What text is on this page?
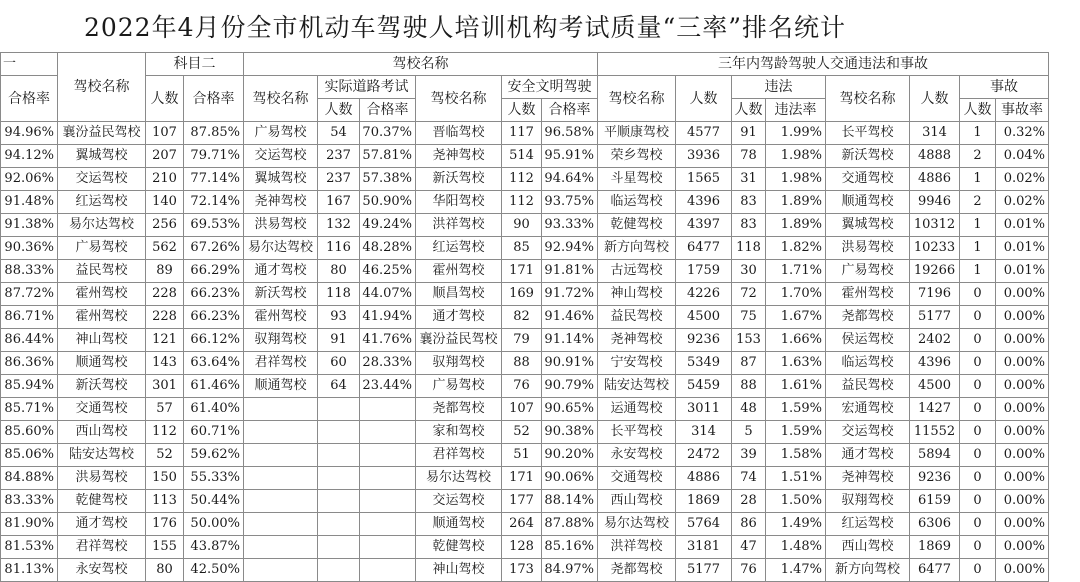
2022年4月份全市机动车驾驶人培训机构考试质量“三率”排名统计
一	驾校名称	科目二		驾校名称						三年内驾龄驾驶人交通违法和事故							
合格率		人数	合格率	驾校名称	实际道路考试		驾校名称	安全文明驾驶		驾校名称	人数	违法		驾校名称	人数	事故	
					人数	合格率		人数	合格率			人数	违法率			人数	事故率
94.96%	襄汾益民驾校	107	87.85%	广易驾校	54	70.37%	晋临驾校	117	96.58%	平顺康驾校	4577	91	1.99%	长平驾校	314	1	0.32%
94.12%	翼城驾校	207	79.71%	交运驾校	237	57.81%	尧神驾校	514	95.91%	荣乡驾校	3936	78	1.98%	新沃驾校	4888	2	0.04%
92.06%	交运驾校	210	77.14%	翼城驾校	237	57.38%	新沃驾校	112	94.64%	斗星驾校	1565	31	1.98%	交通驾校	4886	1	0.02%
91.48%	红运驾校	140	72.14%	尧神驾校	167	50.90%	华阳驾校	112	93.75%	临运驾校	4396	83	1.89%	顺通驾校	9946	2	0.02%
91.38%	易尔达驾校	256	69.53%	洪易驾校	132	49.24%	洪祥驾校	90	93.33%	乾健驾校	4397	83	1.89%	翼城驾校	10312	1	0.01%
90.36%	广易驾校	562	67.26%	易尔达驾校	116	48.28%	红运驾校	85	92.94%	新方向驾校	6477	118	1.82%	洪易驾校	10233	1	0.01%
88.33%	益民驾校	89	66.29%	通才驾校	80	46.25%	霍州驾校	171	91.81%	古远驾校	1759	30	1.71%	广易驾校	19266	1	0.01%
87.72%	霍州驾校	228	66.23%	新沃驾校	118	44.07%	顺昌驾校	169	91.72%	神山驾校	4226	72	1.70%	霍州驾校	7196	0	0.00%
86.71%	霍州驾校	228	66.23%	霍州驾校	93	41.94%	通才驾校	82	91.46%	益民驾校	4500	75	1.67%	尧都驾校	5177	0	0.00%
86.44%	神山驾校	121	66.12%	驭翔驾校	91	41.76%	襄汾益民驾校	79	91.14%	尧神驾校	9236	153	1.66%	侯运驾校	2402	0	0.00%
86.36%	顺通驾校	143	63.64%	君祥驾校	60	28.33%	驭翔驾校	88	90.91%	宁安驾校	5349	87	1.63%	临运驾校	4396	0	0.00%
85.94%	新沃驾校	301	61.46%	顺通驾校	64	23.44%	广易驾校	76	90.79%	陆安达驾校	5459	88	1.61%	益民驾校	4500	0	0.00%
85.71%	交通驾校	57	61.40%				尧都驾校	107	90.65%	运通驾校	3011	48	1.59%	宏通驾校	1427	0	0.00%
85.60%	西山驾校	112	60.71%				家和驾校	52	90.38%	长平驾校	314	5	1.59%	交运驾校	11552	0	0.00%
85.06%	陆安达驾校	52	59.62%				君祥驾校	51	90.20%	永安驾校	2472	39	1.58%	通才驾校	5894	0	0.00%
84.88%	洪易驾校	150	55.33%				易尔达驾校	171	90.06%	交通驾校	4886	74	1.51%	尧神驾校	9236	0	0.00%
83.33%	乾健驾校	113	50.44%				交运驾校	177	88.14%	西山驾校	1869	28	1.50%	驭翔驾校	6159	0	0.00%
81.90%	通才驾校	176	50.00%				顺通驾校	264	87.88%	易尔达驾校	5764	86	1.49%	红运驾校	6306	0	0.00%
81.53%	君祥驾校	155	43.87%				乾健驾校	128	85.16%	洪祥驾校	3181	47	1.48%	西山驾校	1869	0	0.00%
81.13%	永安驾校	80	42.50%				神山驾校	173	84.97%	尧都驾校	5177	76	1.47%	新方向驾校	6477	0	0.00%
